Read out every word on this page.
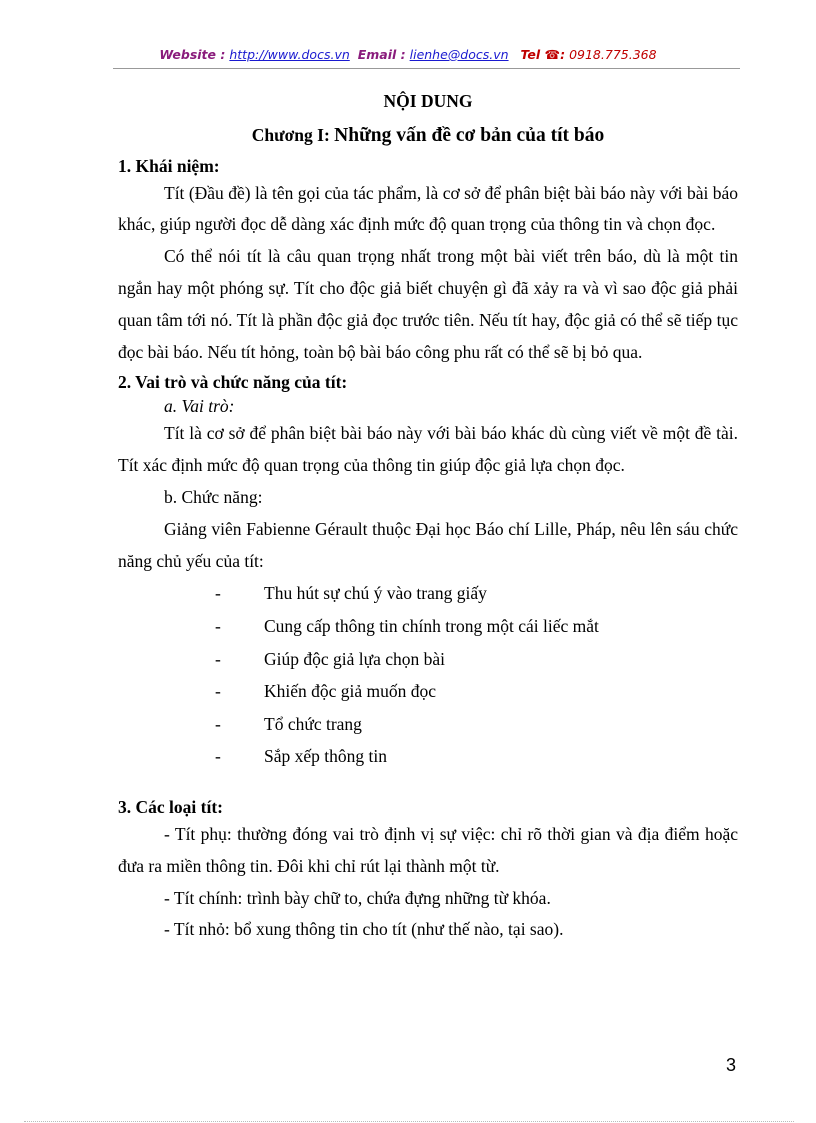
Website : http://www.docs.vn Email : lienhe@docs.vn Tel ☎: 0918.775.368
NỘI DUNG
Chương I: Những vấn đề cơ bản của tít báo
1. Khái niệm:

Tít (Đầu đề) là tên gọi của tác phẩm, là cơ sở để phân biệt bài báo này với bài báo khác, giúp người đọc dễ dàng xác định mức độ quan trọng của thông tin và chọn đọc.

Có thể nói tít là câu quan trọng nhất trong một bài viết trên báo, dù là một tin ngắn hay một phóng sự. Tít cho độc giả biết chuyện gì đã xảy ra và vì sao độc giả phải quan tâm tới nó. Tít là phần độc giả đọc trước tiên. Nếu tít hay, độc giả có thể sẽ tiếp tục đọc bài báo. Nếu tít hỏng, toàn bộ bài báo công phu rất có thể sẽ bị bỏ qua.

2. Vai trò và chức năng của tít:

a. Vai trò:

Tít là cơ sở để phân biệt bài báo này với bài báo khác dù cùng viết về một đề tài. Tít xác định mức độ quan trọng của thông tin giúp độc giả lựa chọn đọc.

b. Chức năng:

Giảng viên Fabienne Gérault thuộc Đại học Báo chí Lille, Pháp, nêu lên sáu chức năng chủ yếu của tít:

- Thu hút sự chú ý vào trang giấy
- Cung cấp thông tin chính trong một cái liếc mắt
- Giúp độc giả lựa chọn bài
- Khiến độc giả muốn đọc
- Tổ chức trang
- Sắp xếp thông tin
3. Các loại tít:

- Tít phụ: thường đóng vai trò định vị sự việc: chỉ rõ thời gian và địa điểm hoặc đưa ra miền thông tin. Đôi khi chỉ rút lại thành một từ.

- Tít chính: trình bày chữ to, chứa đựng những từ khóa.

- Tít nhỏ: bổ xung thông tin cho tít (như thế nào, tại sao).

3
